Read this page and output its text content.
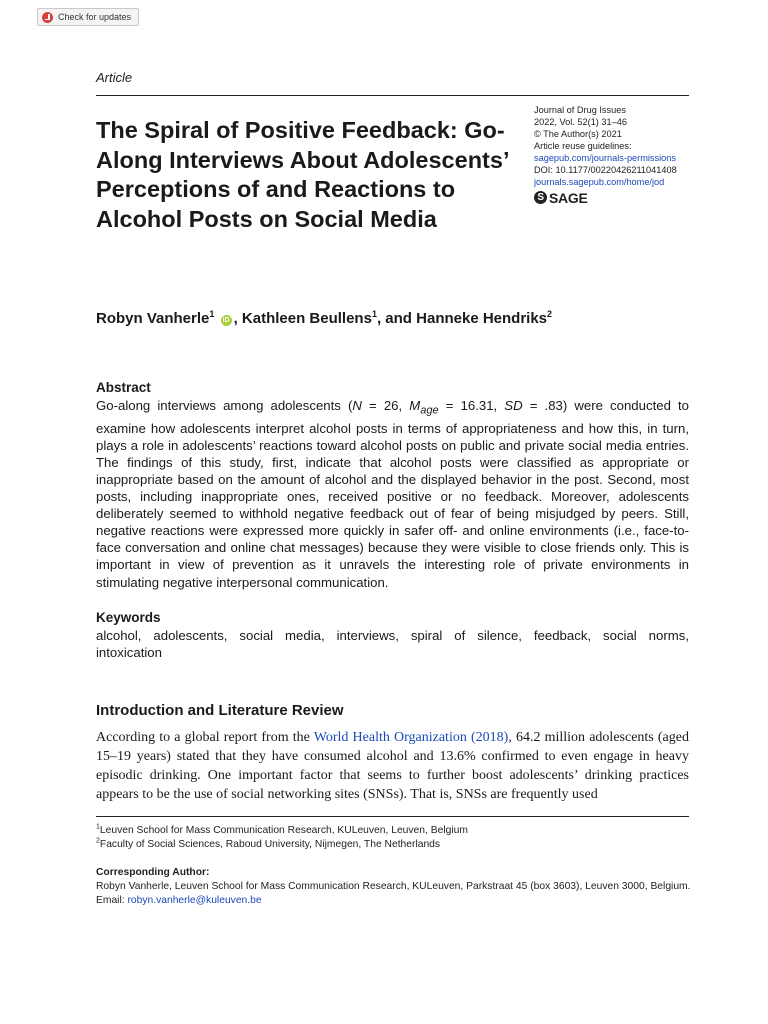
Check for updates
Article
The Spiral of Positive Feedback: Go-Along Interviews About Adolescents’ Perceptions of and Reactions to Alcohol Posts on Social Media
Journal of Drug Issues
2022, Vol. 52(1) 31–46
© The Author(s) 2021
Article reuse guidelines:
sagepub.com/journals-permissions
DOI: 10.1177/00220426211041408
journals.sagepub.com/home/jod
S SAGE
Robyn Vanherle$^1$ iD , Kathleen Beullens$^1$, and Hanneke Hendriks$^2$
Abstract

Go-along interviews among adolescents (N = 26, $M_{age} = 16.31$, SD = .83) were conducted to examine how adolescents interpret alcohol posts in terms of appropriateness and how this, in turn, plays a role in adolescents’ reactions toward alcohol posts on public and private social media entries. The findings of this study, first, indicate that alcohol posts were classified as appropriate or inappropriate based on the amount of alcohol and the displayed behavior in the post. Second, most posts, including inappropriate ones, received positive or no feedback. Moreover, adolescents deliberately seemed to withhold negative feedback out of fear of being misjudged by peers. Still, negative reactions were expressed more quickly in safer off- and online environments (i.e., face-to-face conversation and online chat messages) because they were visible to close friends only. This is important in view of prevention as it unravels the interesting role of private environments in stimulating negative interpersonal communication.

Keywords

alcohol, adolescents, social media, interviews, spiral of silence, feedback, social norms, intoxication

Introduction and Literature Review

According to a global report from the World Health Organization (2018), 64.2 million adolescents (aged 15–19 years) stated that they have consumed alcohol and 13.6% confirmed to even engage in heavy episodic drinking. One important factor that seems to further boost adolescents’ drinking practices appears to be the use of social networking sites (SNSs). That is, SNSs are frequently used

$^1$Leuven School for Mass Communication Research, KULeuven, Leuven, Belgium
$^2$Faculty of Social Sciences, Raboud University, Nijmegen, The Netherlands
Corresponding Author:
Robyn Vanherle, Leuven School for Mass Communication Research, KULeuven, Parkstraat 45 (box 3603), Leuven 3000, Belgium.
Email: robyn.vanherle@kuleuven.be
